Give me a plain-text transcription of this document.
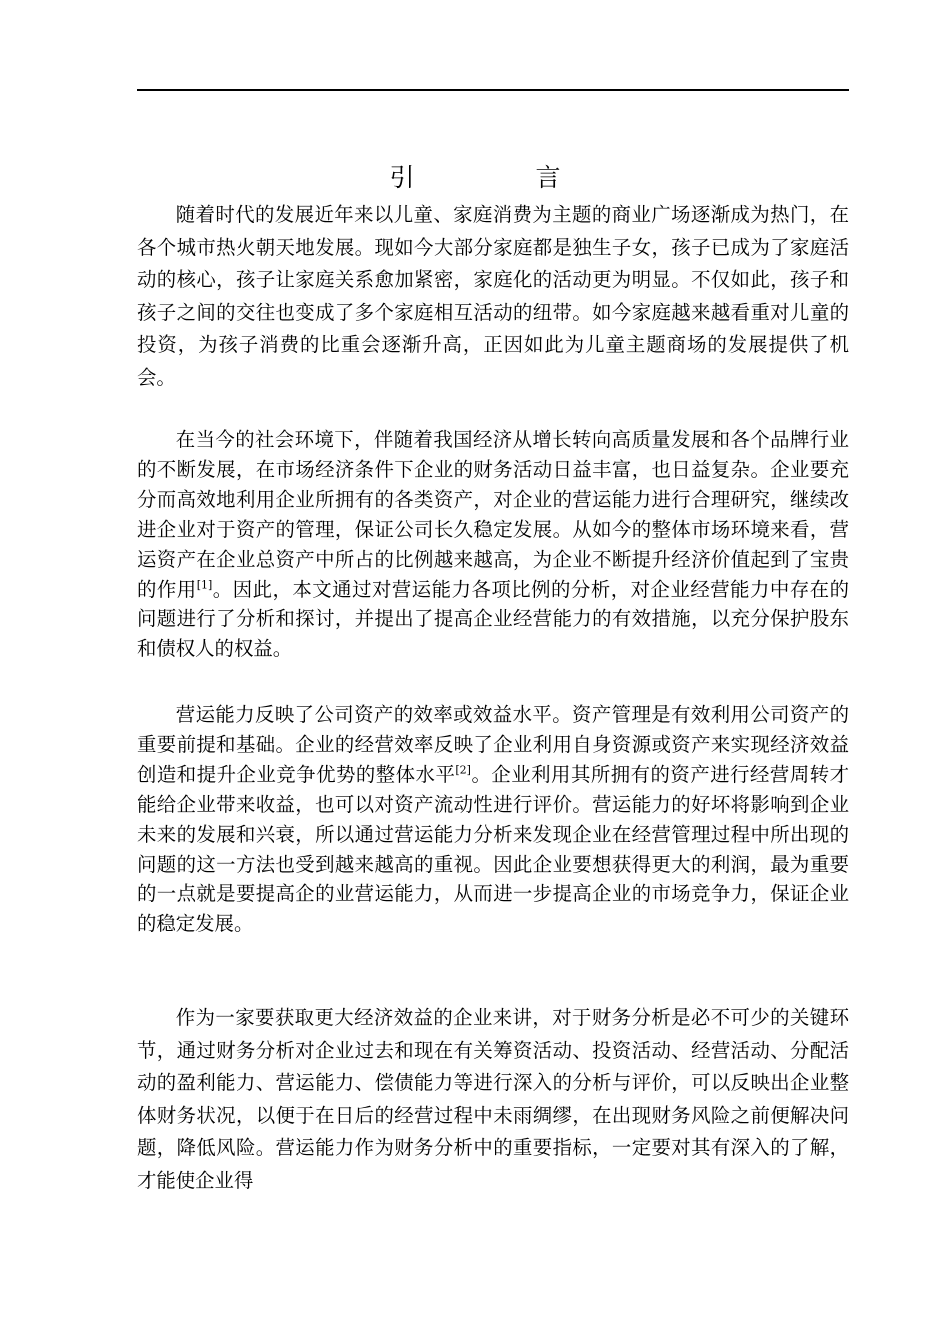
引　言

随着时代的发展近年来以儿童、家庭消费为主题的商业广场逐渐成为热门，在各个城市热火朝天地发展。现如今大部分家庭都是独生子女，孩子已成为了家庭活动的核心，孩子让家庭关系愈加紧密，家庭化的活动更为明显。不仅如此，孩子和孩子之间的交往也变成了多个家庭相互活动的纽带。如今家庭越来越看重对儿童的投资，为孩子消费的比重会逐渐升高，正因如此为儿童主题商场的发展提供了机会。

在当今的社会环境下，伴随着我国经济从增长转向高质量发展和各个品牌行业的不断发展，在市场经济条件下企业的财务活动日益丰富，也日益复杂。企业要充分而高效地利用企业所拥有的各类资产，对企业的营运能力进行合理研究，继续改进企业对于资产的管理，保证公司长久稳定发展。从如今的整体市场环境来看，营运资产在企业总资产中所占的比例越来越高，为企业不断提升经济价值起到了宝贵的作用[1]。因此，本文通过对营运能力各项比例的分析，对企业经营能力中存在的问题进行了分析和探讨，并提出了提高企业经营能力的有效措施，以充分保护股东和债权人的权益。

营运能力反映了公司资产的效率或效益水平。资产管理是有效利用公司资产的重要前提和基础。企业的经营效率反映了企业利用自身资源或资产来实现经济效益创造和提升企业竞争优势的整体水平[2]。企业利用其所拥有的资产进行经营周转才能给企业带来收益，也可以对资产流动性进行评价。营运能力的好坏将影响到企业未来的发展和兴衰，所以通过营运能力分析来发现企业在经营管理过程中所出现的问题的这一方法也受到越来越高的重视。因此企业要想获得更大的利润，最为重要的一点就是要提高企的业营运能力，从而进一步提高企业的市场竞争力，保证企业的稳定发展。

作为一家要获取更大经济效益的企业来讲，对于财务分析是必不可少的关键环节，通过财务分析对企业过去和现在有关筹资活动、投资活动、经营活动、分配活动的盈利能力、营运能力、偿债能力等进行深入的分析与评价，可以反映出企业整体财务状况，以便于在日后的经营过程中未雨绸缪，在出现财务风险之前便解决问题，降低风险。营运能力作为财务分析中的重要指标，一定要对其有深入的了解，才能使企业得
